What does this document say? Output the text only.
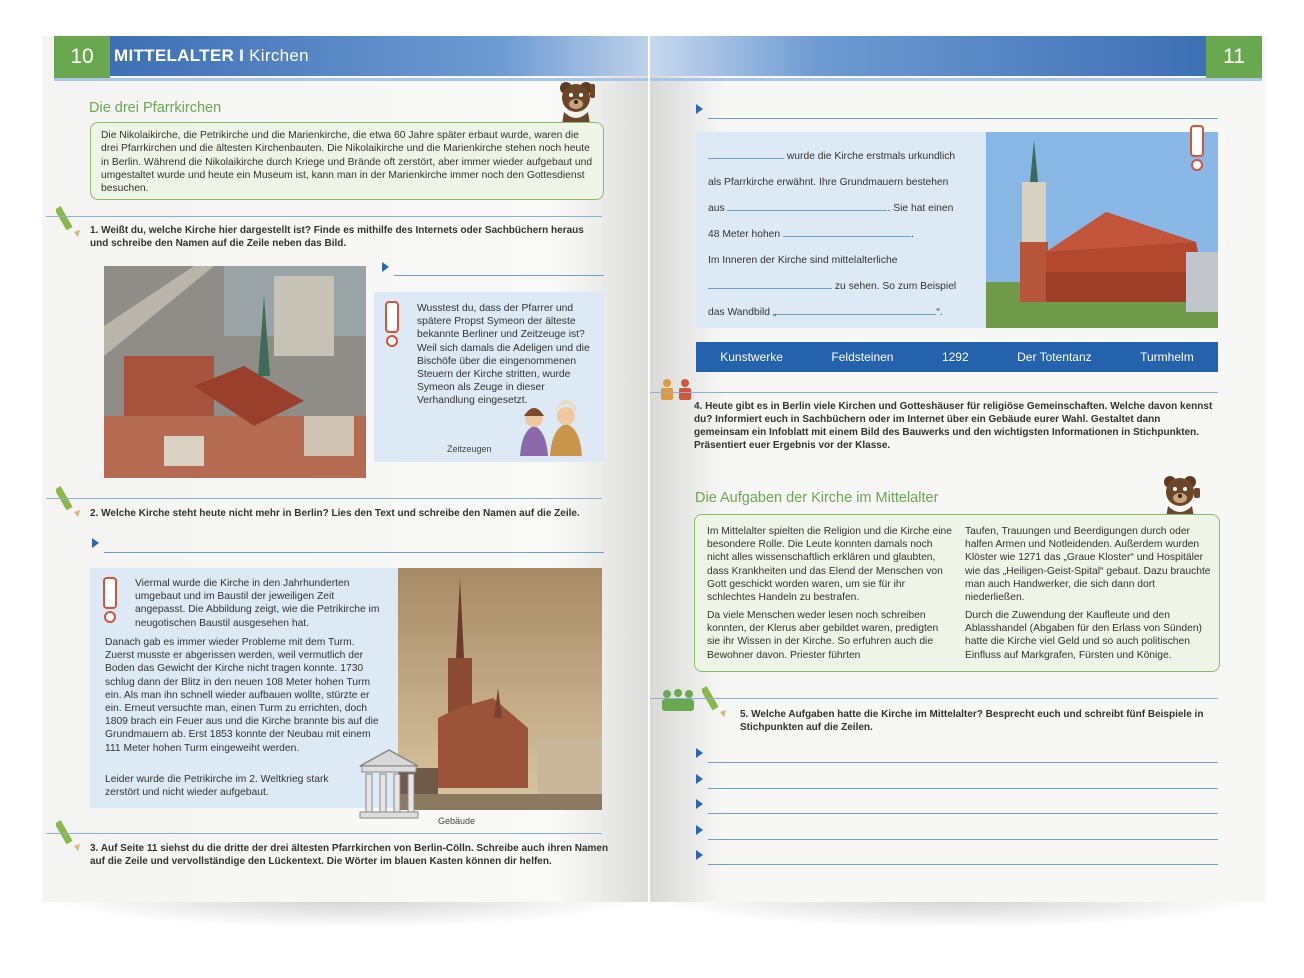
10	MITTELALTER I Kirchen
Die drei Pfarrkirchen
Die Nikolaikirche, die Petrikirche und die Marienkirche, die etwa 60 Jahre später erbaut wurde, waren die drei Pfarrkirchen und die ältesten Kirchenbauten. Die Nikolaikirche und die Marienkirche stehen noch heute in Berlin. Während die Nikolaikirche durch Kriege und Brände oft zerstört, aber immer wieder aufgebaut und umgestaltet wurde und heute ein Museum ist, kann man in der Marienkirche immer noch den Gottesdienst besuchen.
1. Weißt du, welche Kirche hier dargestellt ist? Finde es mithilfe des Internets oder Sachbüchern heraus und schreibe den Namen auf die Zeile neben das Bild.
Wusstest du, dass der Pfarrer und spätere Propst Symeon der älteste bekannte Berliner und Zeitzeuge ist? Weil sich damals die Adeligen und die Bischöfe über die eingenommenen Steuern der Kirche stritten, wurde Symeon als Zeuge in dieser Verhandlung eingesetzt.
Zeitzeugen
2. Welche Kirche steht heute nicht mehr in Berlin? Lies den Text und schreibe den Namen auf die Zeile.
Viermal wurde die Kirche in den Jahrhunderten umgebaut und im Baustil der jeweiligen Zeit angepasst. Die Abbildung zeigt, wie die Petrikirche im neugotischen Baustil ausgesehen hat.
Danach gab es immer wieder Probleme mit dem Turm. Zuerst musste er abgerissen werden, weil vermutlich der Boden das Gewicht der Kirche nicht tragen konnte. 1730 schlug dann der Blitz in den neuen 108 Meter hohen Turm ein. Als man ihn schnell wieder aufbauen wollte, stürzte er ein. Erneut versuchte man, einen Turm zu errichten, doch 1809 brach ein Feuer aus und die Kirche brannte bis auf die Grundmauern ab. Erst 1853 konnte der Neubau mit einem 111 Meter hohen Turm eingeweiht werden.
Leider wurde die Petrikirche im 2. Weltkrieg stark zerstört und nicht wieder aufgebaut.
Gebäude
3. Auf Seite 11 siehst du die dritte der drei ältesten Pfarrkirchen von Berlin-Cölln. Schreibe auch ihren Namen auf die Zeile und vervollständige den Lückentext. Die Wörter im blauen Kasten können dir helfen.
11
wurde die Kirche erstmals urkundlich
als Pfarrkirche erwähnt. Ihre Grundmauern bestehen
aus	. Sie hat einen
48 Meter hohen	.
Im Inneren der Kirche sind mittelalterliche
zu sehen. So zum Beispiel
das Wandbild „	“.
Kunstwerke	Feldsteinen	1292	Der Totentanz	Turmhelm
4. Heute gibt es in Berlin viele Kirchen und Gotteshäuser für religiöse Gemeinschaften. Welche davon kennst du? Informiert euch in Sachbüchern oder im Internet über ein Gebäude eurer Wahl. Gestaltet dann gemeinsam ein Infoblatt mit einem Bild des Bauwerks und den wichtigsten Informationen in Stichpunkten. Präsentiert euer Ergebnis vor der Klasse.
Die Aufgaben der Kirche im Mittelalter
Im Mittelalter spielten die Religion und die Kirche eine besondere Rolle. Die Leute konnten damals noch nicht alles wissenschaftlich erklären und glaubten, dass Krankheiten und das Elend der Menschen von Gott geschickt worden waren, um sie für ihr schlechtes Handeln zu bestrafen.
Da viele Menschen weder lesen noch schreiben konnten, der Klerus aber gebildet waren, predigten sie ihr Wissen in der Kirche. So erfuhren auch die Bewohner davon. Priester führten
Taufen, Trauungen und Beerdigungen durch oder halfen Armen und Notleidenden. Außerdem wurden Klöster wie 1271 das „Graue Kloster“ und Hospitäler wie das „Heiligen-Geist-Spital“ gebaut. Dazu brauchte man auch Handwerker, die sich dann dort niederließen.
Durch die Zuwendung der Kaufleute und den Ablasshandel (Abgaben für den Erlass von Sünden) hatte die Kirche viel Geld und so auch politischen Einfluss auf Markgrafen, Fürsten und Könige.
5. Welche Aufgaben hatte die Kirche im Mittelalter? Besprecht euch und schreibt fünf Beispiele in Stichpunkten auf die Zeilen.
